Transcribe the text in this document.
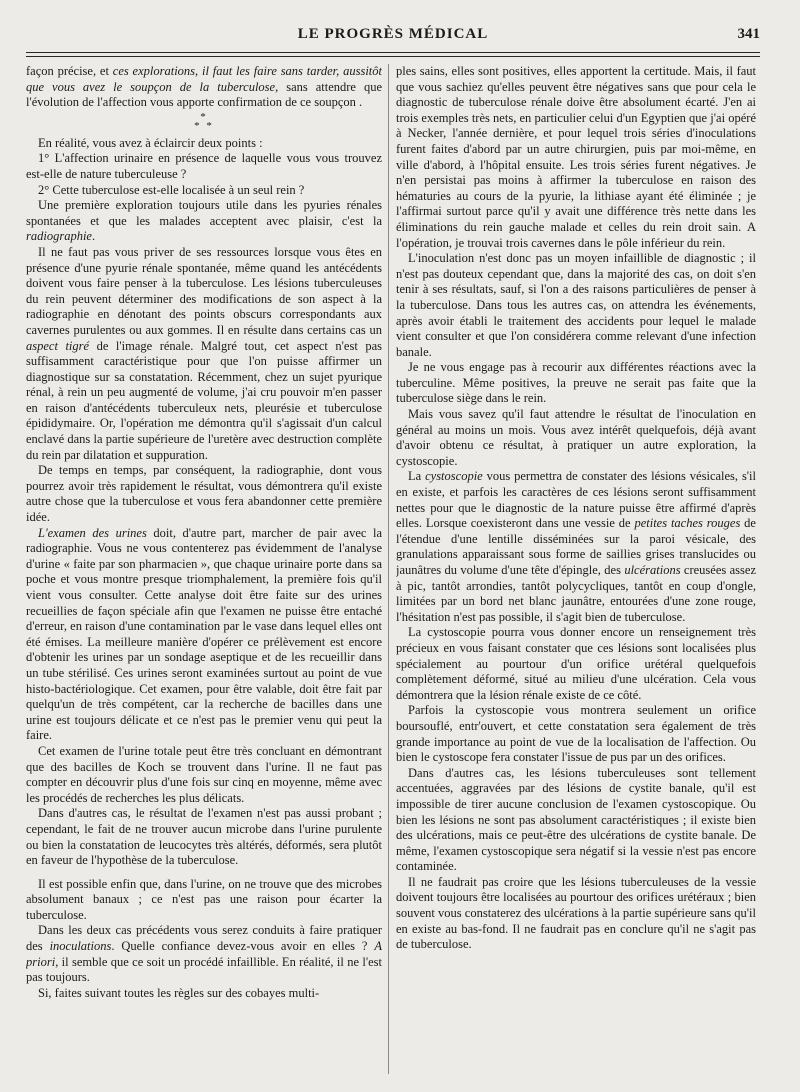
LE PROGRÈS MÉDICAL	341

façon précise, et ces explorations, il faut les faire sans tarder, aussitôt que vous avez le soupçon de la tuberculose, sans attendre que l'évolution de l'affection vous apporte confirmation de ce soupçon .

*
* *

En réalité, vous avez à éclaircir deux points :

1° L'affection urinaire en présence de laquelle vous vous trouvez est-elle de nature tuberculeuse ?

2° Cette tuberculose est-elle localisée à un seul rein ?

Une première exploration toujours utile dans les pyuries rénales spontanées et que les malades acceptent avec plaisir, c'est la radiographie.

Il ne faut pas vous priver de ses ressources lorsque vous êtes en présence d'une pyurie rénale spontanée, même quand les antécédents doivent vous faire penser à la tuberculose. Les lésions tuberculeuses du rein peuvent déterminer des modifications de son aspect à la radiographie en dénotant des points obscurs correspondants aux cavernes purulentes ou aux gommes. Il en résulte dans certains cas un aspect tigré de l'image rénale. Malgré tout, cet aspect n'est pas suffisamment caractéristique pour que l'on puisse affirmer un diagnostique sur sa constatation. Récemment, chez un sujet pyurique rénal, à rein un peu augmenté de volume, j'ai cru pouvoir m'en passer en raison d'antécédents tuberculeux nets, pleurésie et tuberculose épididymaire. Or, l'opération me démontra qu'il s'agissait d'un calcul enclavé dans la partie supérieure de l'uretère avec destruction complète du rein par dilatation et suppuration.

De temps en temps, par conséquent, la radiographie, dont vous pourrez avoir très rapidement le résultat, vous démontrera qu'il existe autre chose que la tuberculose et vous fera abandonner cette première idée.

L'examen des urines doit, d'autre part, marcher de pair avec la radiographie. Vous ne vous contenterez pas évidemment de l'analyse d'urine « faite par son pharmacien », que chaque urinaire porte dans sa poche et vous montre presque triomphalement, la première fois qu'il vient vous consulter. Cette analyse doit être faite sur des urines recueillies de façon spéciale afin que l'examen ne puisse être entaché d'erreur, en raison d'une contamination par le vase dans lequel elles ont été émises. La meilleure manière d'opérer ce prélèvement est encore d'obtenir les urines par un sondage aseptique et de les recueillir dans un tube stérilisé. Ces urines seront examinées surtout au point de vue histo-bactériologique. Cet examen, pour être valable, doit être fait par quelqu'un de très compétent, car la recherche de bacilles dans une urine est toujours délicate et ce n'est pas le premier venu qui peut la faire.

Cet examen de l'urine totale peut être très concluant en démontrant que des bacilles de Koch se trouvent dans l'urine. Il ne faut pas compter en découvrir plus d'une fois sur cinq en moyenne, même avec les procédés de recherches les plus délicats.

Dans d'autres cas, le résultat de l'examen n'est pas aussi probant ; cependant, le fait de ne trouver aucun microbe dans l'urine purulente ou bien la constatation de leucocytes très altérés, déformés, sera plutôt en faveur de l'hypothèse de la tuberculose.

Il est possible enfin que, dans l'urine, on ne trouve que des microbes absolument banaux ; ce n'est pas une raison pour écarter la tuberculose.

Dans les deux cas précédents vous serez conduits à faire pratiquer des inoculations. Quelle confiance devez-vous avoir en elles ? A priori, il semble que ce soit un procédé infaillible. En réalité, il ne l'est pas toujours.

Si, faites suivant toutes les règles sur des cobayes multi-

ples sains, elles sont positives, elles apportent la certitude. Mais, il faut que vous sachiez qu'elles peuvent être négatives sans que pour cela le diagnostic de tuberculose rénale doive être absolument écarté. J'en ai trois exemples très nets, en particulier celui d'un Egyptien que j'ai opéré à Necker, l'année dernière, et pour lequel trois séries d'inoculations furent faites d'abord par un autre chirurgien, puis par moi-même, en ville d'abord, à l'hôpital ensuite. Les trois séries furent négatives. Je n'en persistai pas moins à affirmer la tuberculose en raison des hématuries au cours de la pyurie, la lithiase ayant été éliminée ; je l'affirmai surtout parce qu'il y avait une différence très nette dans les éliminations du rein gauche malade et celles du rein droit sain. A l'opération, je trouvai trois cavernes dans le pôle inférieur du rein.

L'inoculation n'est donc pas un moyen infaillible de diagnostic ; il n'est pas douteux cependant que, dans la majorité des cas, on doit s'en tenir à ses résultats, sauf, si l'on a des raisons particulières de penser à la tuberculose. Dans tous les autres cas, on attendra les événements, après avoir établi le traitement des accidents pour lequel le malade vient consulter et que l'on considérera comme relevant d'une infection banale.

Je ne vous engage pas à recourir aux différentes réactions avec la tuberculine. Même positives, la preuve ne serait pas faite que la tuberculose siège dans le rein.

Mais vous savez qu'il faut attendre le résultat de l'inoculation en général au moins un mois. Vous avez intérêt quelquefois, déjà avant d'avoir obtenu ce résultat, à pratiquer un autre exploration, la cystoscopie.

La cystoscopie vous permettra de constater des lésions vésicales, s'il en existe, et parfois les caractères de ces lésions seront suffisamment nettes pour que le diagnostic de la nature puisse être affirmé d'après elles. Lorsque coexisteront dans une vessie de petites taches rouges de l'étendue d'une lentille disséminées sur la paroi vésicale, des granulations apparaissant sous forme de saillies grises translucides ou jaunâtres du volume d'une tête d'épingle, des ulcérations creusées assez à pic, tantôt arrondies, tantôt polycycliques, tantôt en coup d'ongle, limitées par un bord net blanc jaunâtre, entourées d'une zone rouge, l'hésitation n'est pas possible, il s'agit bien de tuberculose.

La cystoscopie pourra vous donner encore un renseignement très précieux en vous faisant constater que ces lésions sont localisées plus spécialement au pourtour d'un orifice urétéral quelquefois complètement déformé, situé au milieu d'une ulcération. Cela vous démontrera que la lésion rénale existe de ce côté.

Parfois la cystoscopie vous montrera seulement un orifice boursouflé, entr'ouvert, et cette constatation sera également de très grande importance au point de vue de la localisation de l'affection. Ou bien le cystoscope fera constater l'issue de pus par un des orifices.

Dans d'autres cas, les lésions tuberculeuses sont tellement accentuées, aggravées par des lésions de cystite banale, qu'il est impossible de tirer aucune conclusion de l'examen cystoscopique. Ou bien les lésions ne sont pas absolument caractéristiques ; il existe bien des ulcérations, mais ce peut-être des ulcérations de cystite banale. De même, l'examen cystoscopique sera négatif si la vessie n'est pas encore contaminée.

Il ne faudrait pas croire que les lésions tuberculeuses de la vessie doivent toujours être localisées au pourtour des orifices urétéraux ; bien souvent vous constaterez des ulcérations à la partie supérieure sans qu'il en existe au bas-fond. Il ne faudrait pas en conclure qu'il ne s'agit pas de tuberculose.
